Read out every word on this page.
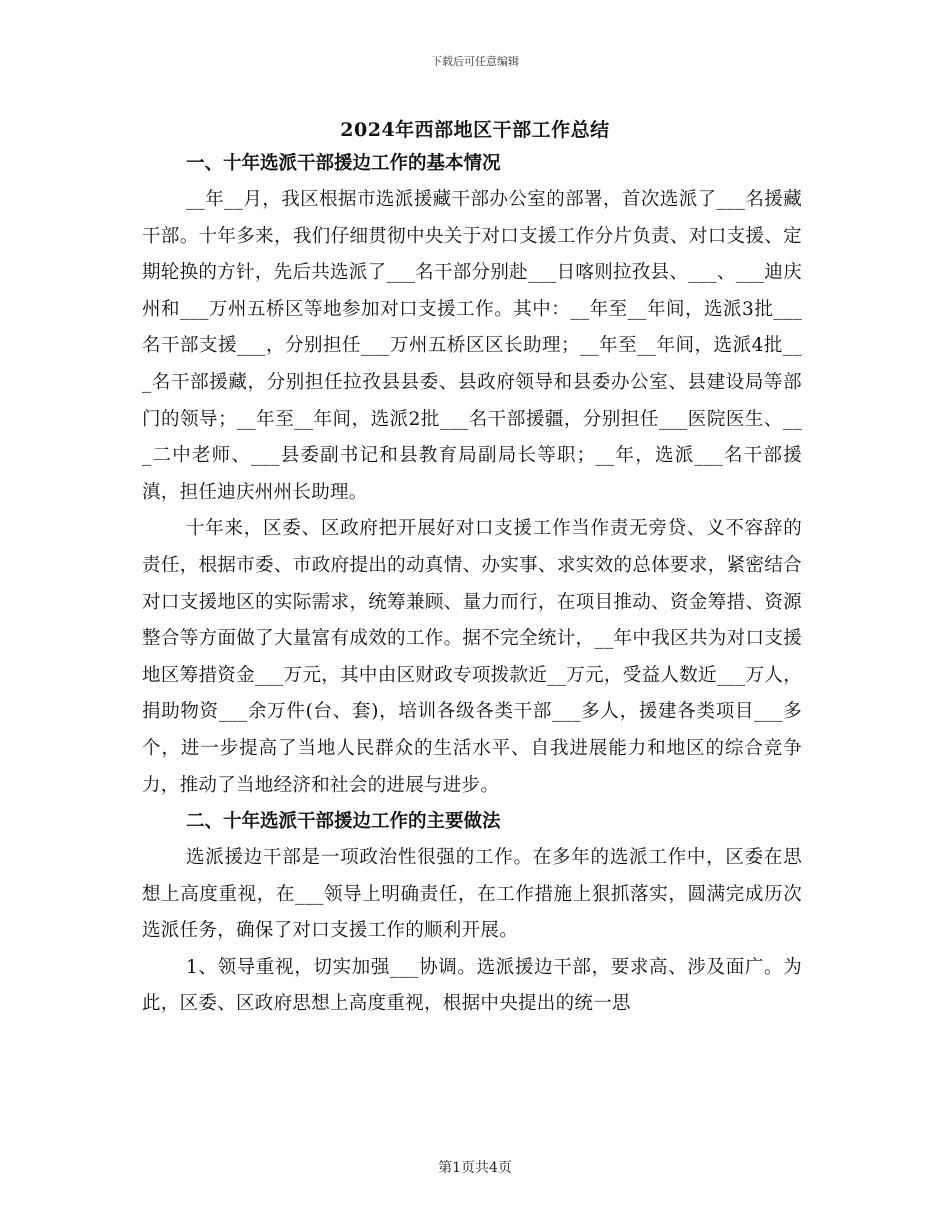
下载后可任意编辑
2024年西部地区干部工作总结

一、十年选派干部援边工作的基本情况

__年__月，我区根据市选派援藏干部办公室的部署，首次选派了___名援藏干部。十年多来，我们仔细贯彻中央关于对口支援工作分片负责、对口支援、定期轮换的方针，先后共选派了___名干部分别赴___日喀则拉孜县、___、___迪庆州和___万州五桥区等地参加对口支援工作。其中：__年至__年间，选派3批___名干部支援___，分别担任___万州五桥区区长助理；__年至__年间，选派4批___名干部援藏，分别担任拉孜县县委、县政府领导和县委办公室、县建设局等部门的领导；__年至__年间，选派2批___名干部援疆，分别担任___医院医生、___二中老师、___县委副书记和县教育局副局长等职；__年，选派___名干部援滇，担任迪庆州州长助理。

十年来，区委、区政府把开展好对口支援工作当作责无旁贷、义不容辞的责任，根据市委、市政府提出的动真情、办实事、求实效的总体要求，紧密结合对口支援地区的实际需求，统筹兼顾、量力而行，在项目推动、资金筹措、资源整合等方面做了大量富有成效的工作。据不完全统计，__年中我区共为对口支援地区筹措资金___万元，其中由区财政专项拨款近__万元，受益人数近___万人，捐助物资___余万件(台、套)，培训各级各类干部___多人，援建各类项目___多个，进一步提高了当地人民群众的生活水平、自我进展能力和地区的综合竞争力，推动了当地经济和社会的进展与进步。

二、十年选派干部援边工作的主要做法

选派援边干部是一项政治性很强的工作。在多年的选派工作中，区委在思想上高度重视，在___领导上明确责任，在工作措施上狠抓落实，圆满完成历次选派任务，确保了对口支援工作的顺利开展。

1、领导重视，切实加强___协调。选派援边干部，要求高、涉及面广。为此，区委、区政府思想上高度重视，根据中央提出的统一思

第1页共4页
